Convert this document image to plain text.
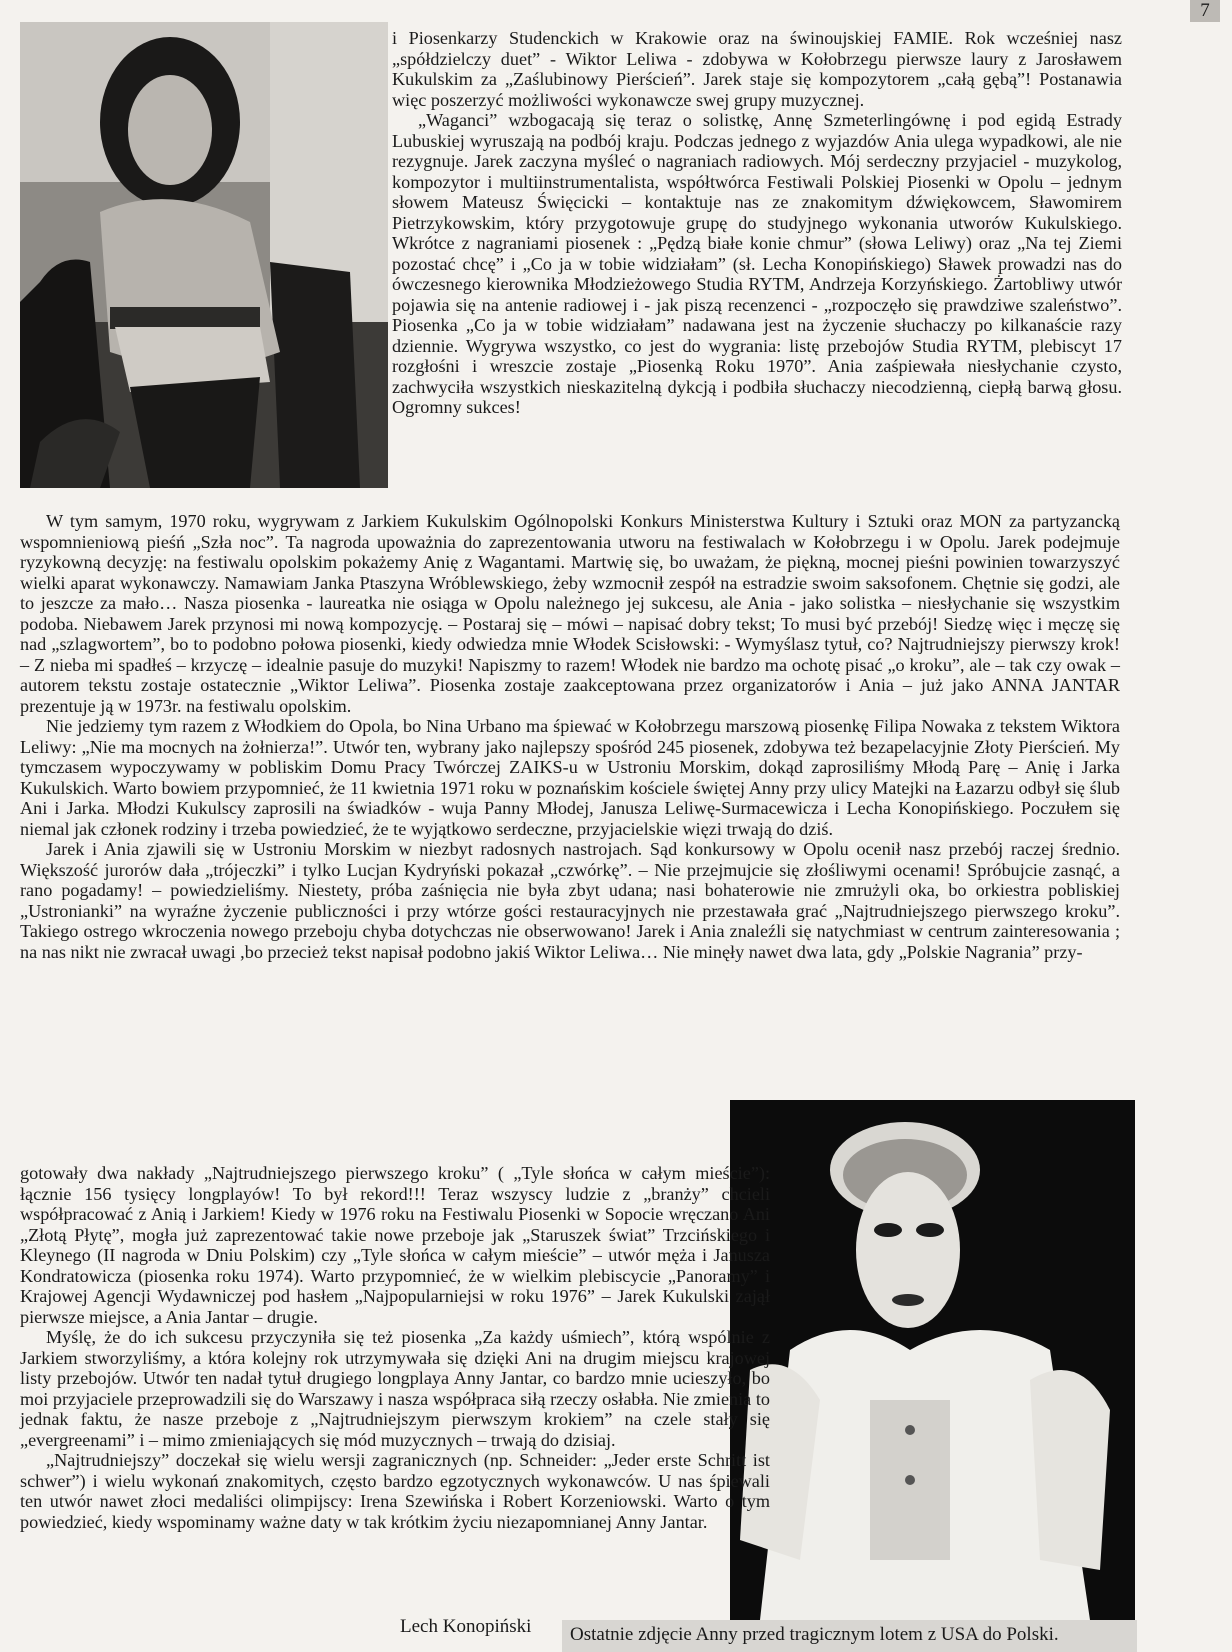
7

i Piosenkarzy Studenckich w Krakowie oraz na świnoujskiej FAMIE. Rok wcześniej nasz „spółdzielczy duet” - Wiktor Leliwa - zdobywa w Kołobrzegu pierwsze laury z Jarosławem Kukulskim za „Zaślubinowy Pierścień”. Jarek staje się kompozytorem „całą gębą”! Postanawia więc poszerzyć możliwości wykonawcze swej grupy muzycznej.

„Waganci” wzbogacają się teraz o solistkę, Annę Szmeterlingównę i pod egidą Estrady Lubuskiej wyruszają na podbój kraju. Podczas jednego z wyjazdów Ania ulega wypadkowi, ale nie rezygnuje. Jarek zaczyna myśleć o nagraniach radiowych. Mój serdeczny przyjaciel - muzykolog, kompozytor i multiinstrumentalista, współtwórca Festiwali Polskiej Piosenki w Opolu – jednym słowem Mateusz Święcicki – kontaktuje nas ze znakomitym dźwiękowcem, Sławomirem Pietrzykowskim, który przygotowuje grupę do studyjnego wykonania utworów Kukulskiego. Wkrótce z nagraniami piosenek : „Pędzą białe konie chmur” (słowa Leliwy) oraz „Na tej Ziemi pozostać chcę” i „Co ja w tobie widziałam” (sł. Lecha Konopińskiego) Sławek prowadzi nas do ówczesnego kierownika Młodzieżowego Studia RYTM, Andrzeja Korzyńskiego. Żartobliwy utwór pojawia się na antenie radiowej i - jak piszą recenzenci - „rozpoczęło się prawdziwe szaleństwo”. Piosenka „Co ja w tobie widziałam” nadawana jest na życzenie słuchaczy po kilkanaście razy dziennie. Wygrywa wszystko, co jest do wygrania: listę przebojów Studia RYTM, plebiscyt 17 rozgłośni i wreszcie zostaje „Piosenką Roku 1970”. Ania zaśpiewała niesłychanie czysto, zachwyciła wszystkich nieskazitelną dykcją i podbiła słuchaczy niecodzienną, ciepłą barwą głosu. Ogromny sukces!

W tym samym, 1970 roku, wygrywam z Jarkiem Kukulskim Ogólnopolski Konkurs Ministerstwa Kultury i Sztuki oraz MON za partyzancką wspomnieniową pieśń „Szła noc”. Ta nagroda upoważnia do zaprezentowania utworu na festiwalach w Kołobrzegu i w Opolu. Jarek podejmuje ryzykowną decyzję: na festiwalu opolskim pokażemy Anię z Wagantami. Martwię się, bo uważam, że piękną, mocnej pieśni powinien towarzyszyć wielki aparat wykonawczy. Namawiam Janka Ptaszyna Wróblewskiego, żeby wzmocnił zespół na estradzie swoim saksofonem. Chętnie się godzi, ale to jeszcze za mało… Nasza piosenka - laureatka nie osiąga w Opolu należnego jej sukcesu, ale Ania - jako solistka – niesłychanie się wszystkim podoba. Niebawem Jarek przynosi mi nową kompozycję. – Postaraj się – mówi – napisać dobry tekst; To musi być przebój! Siedzę więc i męczę się nad „szlagwortem”, bo to podobno połowa piosenki, kiedy odwiedza mnie Włodek Scisłowski: - Wymyślasz tytuł, co? Najtrudniejszy pierwszy krok! – Z nieba mi spadłeś – krzyczę – idealnie pasuje do muzyki! Napiszmy to razem! Włodek nie bardzo ma ochotę pisać „o kroku”, ale – tak czy owak – autorem tekstu zostaje ostatecznie „Wiktor Leliwa”. Piosenka zostaje zaakceptowana przez organizatorów i Ania – już jako ANNA JANTAR prezentuje ją w 1973r. na festiwalu opolskim.

Nie jedziemy tym razem z Włodkiem do Opola, bo Nina Urbano ma śpiewać w Kołobrzegu marszową piosenkę Filipa Nowaka z tekstem Wiktora Leliwy: „Nie ma mocnych na żołnierza!”. Utwór ten, wybrany jako najlepszy spośród 245 piosenek, zdobywa też bezapelacyjnie Złoty Pierścień. My tymczasem wypoczywamy w pobliskim Domu Pracy Twórczej ZAIKS-u w Ustroniu Morskim, dokąd zaprosiliśmy Młodą Parę – Anię i Jarka Kukulskich. Warto bowiem przypomnieć, że 11 kwietnia 1971 roku w poznańskim kościele świętej Anny przy ulicy Matejki na Łazarzu odbył się ślub Ani i Jarka. Młodzi Kukulscy zaprosili na świadków - wuja Panny Młodej, Janusza Leliwę-Surmacewicza i Lecha Konopińskiego. Poczułem się niemal jak członek rodziny i trzeba powiedzieć, że te wyjątkowo serdeczne, przyjacielskie więzi trwają do dziś.

Jarek i Ania zjawili się w Ustroniu Morskim w niezbyt radosnych nastrojach. Sąd konkursowy w Opolu ocenił nasz przebój raczej średnio. Większość jurorów dała „trójeczki” i tylko Lucjan Kydryński pokazał „czwórkę”. – Nie przejmujcie się złośliwymi ocenami! Spróbujcie zasnąć, a rano pogadamy! – powiedzieliśmy. Niestety, próba zaśnięcia nie była zbyt udana; nasi bohaterowie nie zmrużyli oka, bo orkiestra pobliskiej „Ustronianki” na wyraźne życzenie publiczności i przy wtórze gości restauracyjnych nie przestawała grać „Najtrudniejszego pierwszego kroku”. Takiego ostrego wkroczenia nowego przeboju chyba dotychczas nie obserwowano! Jarek i Ania znaleźli się natychmiast w centrum zainteresowania ; na nas nikt nie zwracał uwagi ,bo przecież tekst napisał podobno jakiś Wiktor Leliwa… Nie minęły nawet dwa lata, gdy „Polskie Nagrania” przy-

gotowały dwa nakłady „Najtrudniejszego pierwszego kroku” ( „Tyle słońca w całym mieście”): łącznie 156 tysięcy longplayów! To był rekord!!! Teraz wszyscy ludzie z „branży” chcieli współpracować z Anią i Jarkiem! Kiedy w 1976 roku na Festiwalu Piosenki w Sopocie wręczano Ani „Złotą Płytę”, mogła już zaprezentować takie nowe przeboje jak „Staruszek świat” Trzcińskiego i Kleynego (II nagroda w Dniu Polskim) czy „Tyle słońca w całym mieście” – utwór męża i Janusza Kondratowicza (piosenka roku 1974). Warto przypomnieć, że w wielkim plebiscycie „Panoramy” i Krajowej Agencji Wydawniczej pod hasłem „Najpopularniejsi w roku 1976” – Jarek Kukulski zajął pierwsze miejsce, a Ania Jantar – drugie.

Myślę, że do ich sukcesu przyczyniła się też piosenka „Za każdy uśmiech”, którą wspólnie z Jarkiem stworzyliśmy, a która kolejny rok utrzymywała się dzięki Ani na drugim miejscu krajowej listy przebojów. Utwór ten nadał tytuł drugiego longplaya Anny Jantar, co bardzo mnie ucieszyło, bo moi przyjaciele przeprowadzili się do Warszawy i nasza współpraca siłą rzeczy osłabła. Nie zmienia to jednak faktu, że nasze przeboje z „Najtrudniejszym pierwszym krokiem” na czele stały się „evergreenami” i – mimo zmieniających się mód muzycznych – trwają do dzisiaj.

„Najtrudniejszy” doczekał się wielu wersji zagranicznych (np. Schneider: „Jeder erste Schritt ist schwer”) i wielu wykonań znakomitych, często bardzo egzotycznych wykonawców. U nas śpiewali ten utwór nawet złoci medaliści olimpijscy: Irena Szewińska i Robert Korzeniowski. Warto o tym powiedzieć, kiedy wspominamy ważne daty w tak krótkim życiu niezapomnianej Anny Jantar.

Lech Konopiński	Ostatnie zdjęcie Anny przed tragicznym lotem z USA do Polski.
